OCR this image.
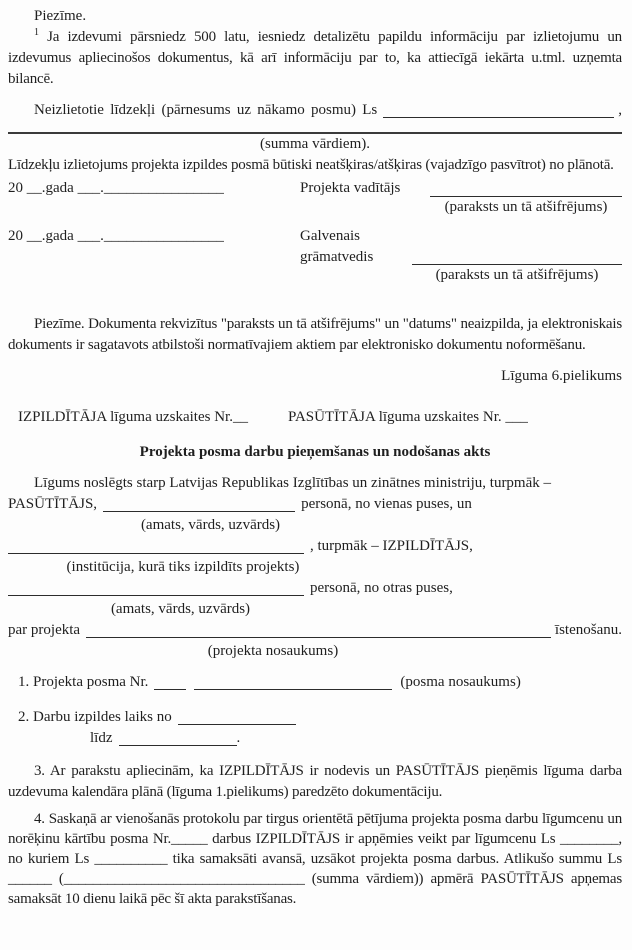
Piezīme.

$^1$ Ja izdevumi pārsniedz 500 latu, iesniedz detalizētu papildu informāciju par izlietojumu un izdevumus apliecinošos dokumentus, kā arī informāciju par to, ka attiecīgā iekārta u.tml. uzņemta bilancē.

Neizlietotie līdzekļi (pārnesums uz nākamo posmu) Ls	,
(summa vārdiem).

Līdzekļu izlietojums projekta izpildes posmā būtiski neatšķiras/atšķiras (vajadzīgo pasvītrot) no plānotā.

20 __.gada ___.________________	Projekta vadītājs
(paraksts un tā atšifrējums)
20 __.gada ___.________________	Galvenais grāmatvedis
(paraksts un tā atšifrējums)

Piezīme. Dokumenta rekvizītus "paraksts un tā atšifrējums" un "datums" neaizpilda, ja elektroniskais dokuments ir sagatavots atbilstoši normatīvajiem aktiem par elektronisko dokumentu noformēšanu.

Līguma 6.pielikums
IZPILDĪTĀJA līguma uzskaites Nr.__	PASŪTĪTĀJA līguma uzskaites Nr. ___
Projekta posma darbu pieņemšanas un nodošanas akts
Līgums noslēgts starp Latvijas Republikas Izglītības un zinātnes ministriju, turpmāk –
PASŪTĪTĀJS,	personā, no vienas puses, un
(amats, vārds, uzvārds)
, turpmāk – IZPILDĪTĀJS,
(institūcija, kurā tiks izpildīts projekts)
personā, no otras puses,
(amats, vārds, uzvārds)
par projekta	īstenošanu.
(projekta nosaukums)
1. Projekta posma Nr.	(posma nosaukums)
2. Darbu izpildes laiks no
līdz	.

3. Ar parakstu apliecinām, ka IZPILDĪTĀJS ir nodevis un PASŪTĪTĀJS pieņēmis līguma darba uzdevuma kalendāra plānā (līguma 1.pielikums) paredzēto dokumentāciju.

4. Saskaņā ar vienošanās protokolu par tirgus orientētā pētījuma projekta posma darbu līgumcenu un norēķinu kārtību posma Nr._____ darbus IZPILDĪTĀJS ir apņēmies veikt par līgumcenu Ls ________, no kuriem Ls __________ tika samaksāti avansā, uzsākot projekta posma darbus. Atlikušo summu Ls ______ (_________________________________ (summa vārdiem)) apmērā PASŪTĪTĀJS apņemas samaksāt 10 dienu laikā pēc šī akta parakstīšanas.
